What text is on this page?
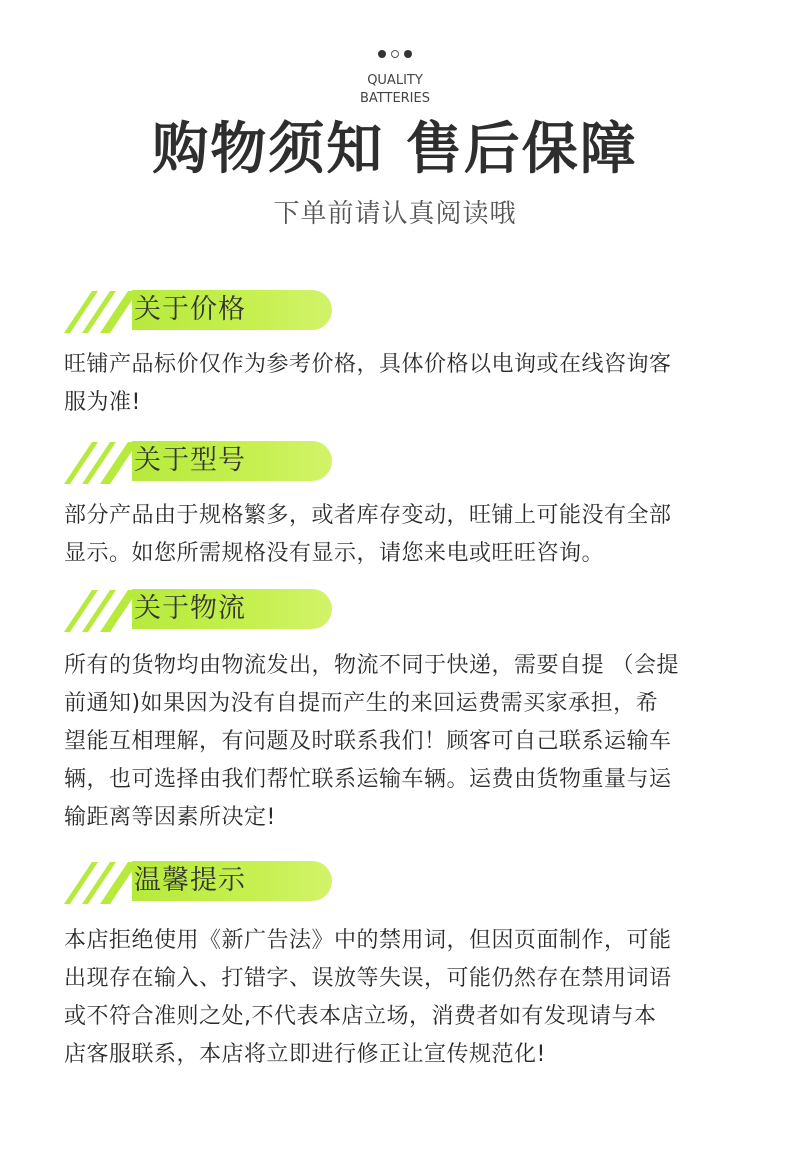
QUALITY
BATTERIES
购物须知 售后保障
下单前请认真阅读哦
关于价格
旺铺产品标价仅作为参考价格，具体价格以电询或在线咨询客
服为准!
关于型号
部分产品由于规格繁多，或者库存变动，旺铺上可能没有全部
显示。如您所需规格没有显示，请您来电或旺旺咨询。
关于物流
所有的货物均由物流发出，物流不同于快递，需要自提 （会提
前通知)如果因为没有自提而产生的来回运费需买家承担，希
望能互相理解，有问题及时联系我们！顾客可自己联系运输车
辆，也可选择由我们帮忙联系运输车辆。运费由货物重量与运
输距离等因素所决定!
温馨提示
本店拒绝使用《新广告法》中的禁用词，但因页面制作，可能
出现存在输入、打错字、误放等失误，可能仍然存在禁用词语
或不符合准则之处,不代表本店立场，消费者如有发现请与本
店客服联系，本店将立即进行修正让宣传规范化!
